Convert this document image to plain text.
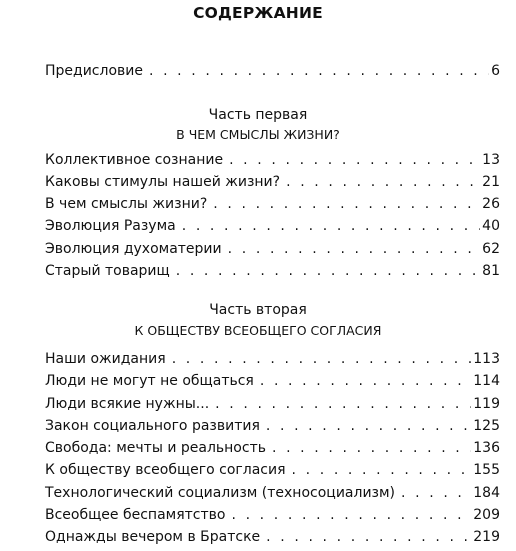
СОДЕРЖАНИЕ
Предисловие . . .	6
Часть первая
В ЧЕМ СМЫСЛЫ ЖИЗНИ?
Коллективное сознание . . .	13
Каковы стимулы нашей жизни? . . .	21
В чем смыслы жизни? . . .	26
Эволюция Разума . . .	40
Эволюция духоматерии . . .	62
Старый товарищ . . .	81
Часть вторая
К ОБЩЕСТВУ ВСЕОБЩЕГО СОГЛАСИЯ
Наши ожидания . . .	113
Люди не могут не общаться . . .	114
Люди всякие нужны... . . .	119
Закон социального развития . . .	125
Свобода: мечты и реальность . . .	136
К обществу всеобщего согласия . . .	155
Технологический социализм (техносоциализм) . . .	184
Всеобщее беспамятство . . .	209
Однажды вечером в Братске . . .	219
